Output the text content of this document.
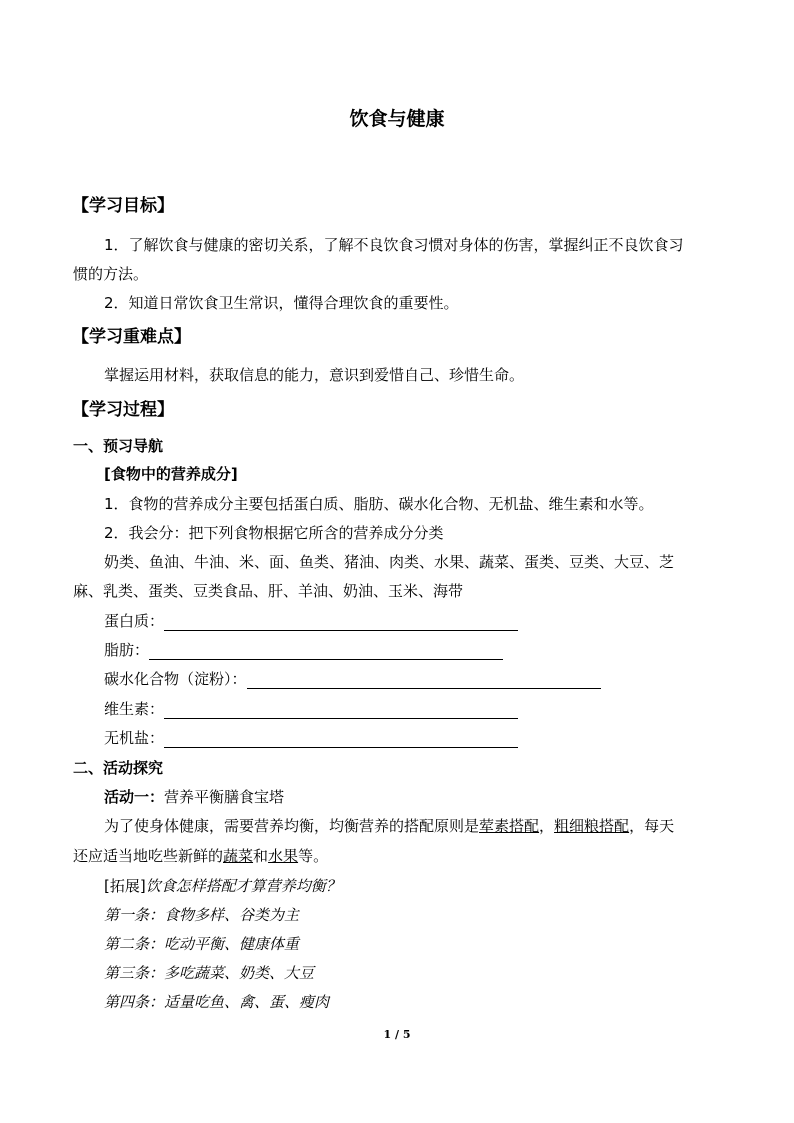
饮食与健康
【学习目标】
1．了解饮食与健康的密切关系，了解不良饮食习惯对身体的伤害，掌握纠正不良饮食习
惯的方法。
2．知道日常饮食卫生常识，懂得合理饮食的重要性。
【学习重难点】
掌握运用材料，获取信息的能力，意识到爱惜自己、珍惜生命。
【学习过程】
一、预习导航
[食物中的营养成分]
1．食物的营养成分主要包括蛋白质、脂肪、碳水化合物、无机盐、维生素和水等。
2．我会分：把下列食物根据它所含的营养成分分类
奶类、鱼油、牛油、米、面、鱼类、猪油、肉类、水果、蔬菜、蛋类、豆类、大豆、芝
麻、乳类、蛋类、豆类食品、肝、羊油、奶油、玉米、海带
蛋白质：
脂肪：
碳水化合物（淀粉）：
维生素：
无机盐：
二、活动探究
活动一：营养平衡膳食宝塔
为了使身体健康，需要营养均衡，均衡营养的搭配原则是荤素搭配，粗细粮搭配，每天
还应适当地吃些新鲜的蔬菜和水果等。
[拓展]饮食怎样搭配才算营养均衡？
第一条：食物多样、谷类为主
第二条：吃动平衡、健康体重
第三条：多吃蔬菜、奶类、大豆
第四条：适量吃鱼、禽、蛋、瘦肉
1 / 5
